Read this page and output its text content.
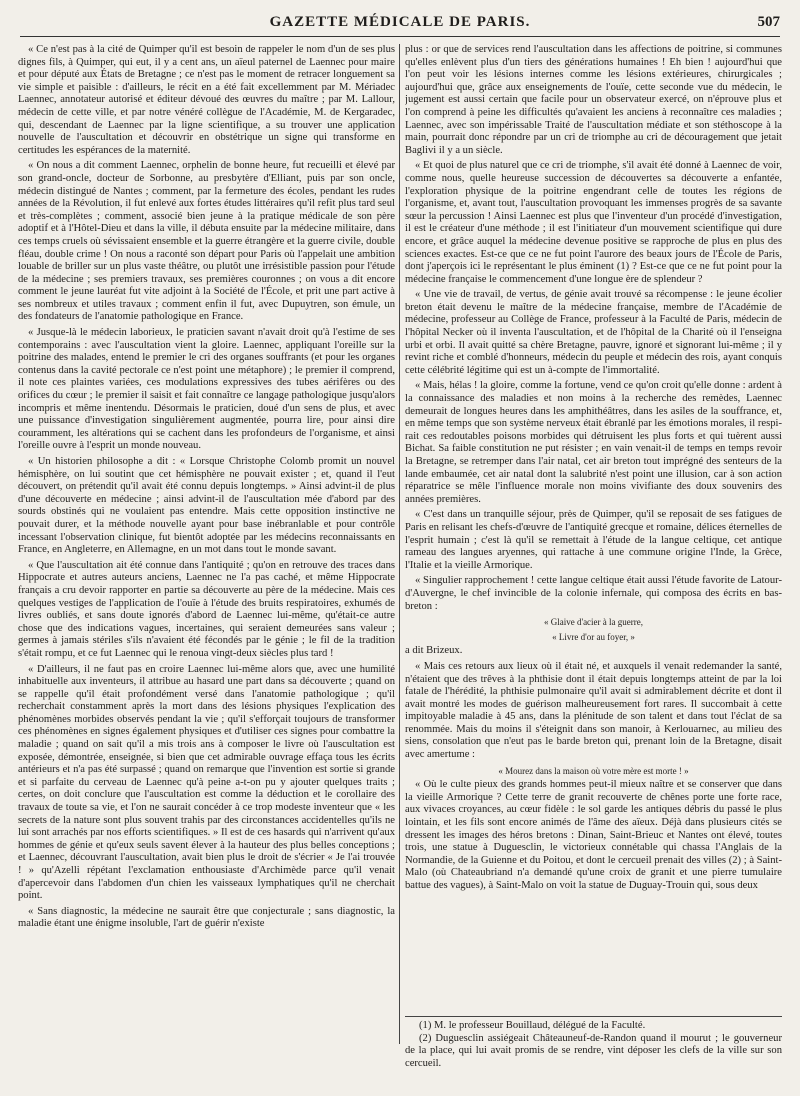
GAZETTE MÉDICALE DE PARIS.	507

« Ce n'est pas à la cité de Quimper qu'il est besoin de rappeler le nom d'un de ses plus dignes fils, à Quimper, qui eut, il y a cent ans, un aïeul paternel de Laennec pour maire et pour député aux États de Bretagne ; ce n'est pas le moment de retracer longuement sa vie simple et paisible : d'ailleurs, le récit en a été fait excellemment par M. Mériadec Laennec, annotateur autorisé et éditeur dévoué des œuvres du maître ; par M. Lallour, médecin de cette ville, et par notre vénéré collègue de l'Académie, M. de Kergaradec, qui, descendant de Laennec par la ligne scientifique, a su trouver une application nouvelle de l'auscultation et découvrir en obstétrique un signe qui transforme en certitudes les espérances de la maternité.

« On nous a dit comment Laennec, orphelin de bonne heure, fut recueilli et élevé par son grand-oncle, docteur de Sorbonne, au presbytère d'Elliant, puis par son oncle, médecin distingué de Nantes ; comment, par la fermeture des écoles, pendant les rudes années de la Révolution, il fut enlevé aux fortes études littéraires qu'il refit plus tard seul et très-complètes ; comment, associé bien jeune à la pratique médicale de son père adoptif et à l'Hôtel-Dieu et dans la ville, il débuta ensuite par la médecine militaire, dans ces temps cruels où sévissaient ensemble et la guerre étrangère et la guerre civile, double fléau, double crime ! On nous a raconté son départ pour Paris où l'appelait une ambition louable de briller sur un plus vaste théâtre, ou plutôt une irrésistible passion pour l'étude de la médecine ; ses premiers travaux, ses premières couronnes ; on vous a dit encore comment le jeune lauréat fut vite adjoint à la Société de l'École, et prit une part active à ses nombreux et utiles travaux ; comment enfin il fut, avec Dupuytren, son émule, un des fondateurs de l'anatomie pathologique en France.

« Jusque-là le médecin laborieux, le praticien savant n'avait droit qu'à l'estime de ses contemporains : avec l'auscultation vient la gloire. Laennec, appliquant l'oreille sur la poitrine des malades, entend le premier le cri des organes souffrants (et pour les organes contenus dans la cavité pectorale ce n'est point une métaphore) ; le premier il comprend, il note ces plaintes variées, ces modulations expressives des tubes aérifères ou des orifices du cœur ; le premier il saisit et fait connaître ce langage pathologique jusqu'alors incompris et même inentendu. Désormais le praticien, doué d'un sens de plus, et avec une puissance d'investigation singulièrement augmentée, pourra lire, pour ainsi dire couramment, les altérations qui se cachent dans les profondeurs de l'organisme, et ainsi l'oreille ouvre à l'esprit un monde nouveau.

« Un historien philosophe a dit : « Lorsque Christophe Colomb promit un nouvel hémisphère, on lui soutint que cet hémisphère ne pouvait exister ; et, quand il l'eut découvert, on prétendit qu'il avait été connu depuis longtemps. » Ainsi advint-il de plus d'une découverte en médecine ; ainsi advint-il de l'auscultation mée d'abord par des sourds obstinés qui ne voulaient pas entendre. Mais cette opposition instinctive ne pouvait durer, et la méthode nouvelle ayant pour base inébranlable et pour contrôle incessant l'observation clinique, fut bientôt adoptée par les médecins reconnaissants en France, en Angleterre, en Allemagne, en un mot dans tout le monde savant.

« Que l'auscultation ait été connue dans l'antiquité ; qu'on en retrouve des traces dans Hippocrate et autres auteurs anciens, Laennec ne l'a pas caché, et même Hippocrate français a cru devoir rapporter en partie sa découverte au père de la médecine. Mais ces quelques vestiges de l'application de l'ouïe à l'étude des bruits respiratoires, exhumés de livres oubliés, et sans doute ignorés d'abord de Laennec lui-même, qu'était-ce autre chose que des indications vagues, incertaines, qui seraient demeurées sans valeur ; germes à jamais stériles s'ils n'avaient été fécondés par le génie ; le fil de la tradition s'était rompu, et ce fut Laennec qui le renoua vingt-deux siècles plus tard !

« D'ailleurs, il ne faut pas en croire Laennec lui-même alors que, avec une humilité inhabituelle aux inventeurs, il attribue au hasard une part dans sa découverte ; quand on se rappelle qu'il était profondément versé dans l'anatomie pathologique ; qu'il recherchait constamment après la mort dans des lésions physiques l'explication des phénomènes morbides observés pendant la vie ; qu'il s'efforçait toujours de transformer ces phénomènes en signes également physiques et d'utiliser ces signes pour combattre la maladie ; quand on sait qu'il a mis trois ans à composer le livre où l'auscultation est exposée, démontrée, enseignée, si bien que cet admirable ouvrage effaça tous les écrits antérieurs et n'a pas été surpassé ; quand on remarque que l'invention est sortie si grande et si parfaite du cerveau de Laennec qu'à peine a-t-on pu y ajouter quelques traits ; certes, on doit conclure que l'auscultation est comme la déduction et le corollaire des travaux de toute sa vie, et l'on ne saurait concéder à ce trop modeste inventeur que « les secrets de la nature sont plus souvent trahis par des circonstances accidentelles qu'ils ne lui sont arrachés par nos efforts scientifiques. » Il est de ces hasards qui n'arrivent qu'aux hommes de génie et qu'eux seuls savent élever à la hauteur des plus belles conceptions ; et Laennec, découvrant l'auscultation, avait bien plus le droit de s'écrier « Je l'ai trouvée ! » qu'Azelli répétant l'exclamation enthousiaste d'Archimède parce qu'il venait d'apercevoir dans l'abdomen d'un chien les vaisseaux lymphatiques qu'il ne cherchait point.

« Sans diagnostic, la médecine ne saurait être que conjecturale ; sans diagnostic, la maladie étant une énigme insoluble, l'art de guérir n'existe

plus : or que de services rend l'auscultation dans les affections de poitrine, si communes qu'elles enlèvent plus d'un tiers des générations humaines ! Eh bien ! aujourd'hui que l'on peut voir les lésions internes comme les lésions extérieures, chirurgicales ; aujourd'hui que, grâce aux enseignements de l'ouïe, cette seconde vue du médecin, le jugement est aussi certain que facile pour un observateur exercé, on n'éprouve plus et l'on comprend à peine les difficultés qu'avaient les anciens à reconnaître ces maladies ; Laennec, avec son impérissable Traité de l'auscultation médiate et son stéthoscope à la main, pourrait donc répondre par un cri de triomphe au cri de découragement que jetait Baglivi il y a un siècle.

« Et quoi de plus naturel que ce cri de triomphe, s'il avait été donné à Laennec de voir, comme nous, quelle heureuse succession de découvertes sa découverte a enfantée, l'exploration physique de la poitrine engendrant celle de toutes les régions de l'organisme, et, avant tout, l'auscultation provoquant les immenses progrès de sa savante sœur la percussion ! Ainsi Laennec est plus que l'inventeur d'un procédé d'investigation, il est le créateur d'une méthode ; il est l'initiateur d'un mouvement scientifique qui dure encore, et grâce auquel la médecine devenue positive se rapproche de plus en plus des sciences exactes. Est-ce que ce ne fut point l'aurore des beaux jours de l'École de Paris, dont j'aperçois ici le représentant le plus éminent (1) ? Est-ce que ce ne fut point pour la médecine française le commencement d'une longue ère de splendeur ?

« Une vie de travail, de vertus, de génie avait trouvé sa récompense : le jeune écolier breton était devenu le maître de la médecine française, membre de l'Académie de médecine, professeur au Collège de France, professeur à la Faculté de Paris, médecin de l'hôpital Necker où il inventa l'auscultation, et de l'hôpital de la Charité où il l'enseigna urbi et orbi. Il avait quitté sa chère Bretagne, pauvre, ignoré et signorant lui-même ; il y revint riche et comblé d'honneurs, médecin du peuple et médecin des rois, ayant conquis cette célébrité légitime qui est un à-compte de l'immortalité.

« Mais, hélas ! la gloire, comme la fortune, vend ce qu'on croit qu'elle donne : ardent à la connaissance des maladies et non moins à la recherche des remèdes, Laennec demeurait de longues heures dans les amphithéâtres, dans les asiles de la souffrance, et, en même temps que son système nerveux était ébranlé par les émotions morales, il respirait ces redoutables poisons morbides qui détruisent les plus forts et qui tuèrent aussi Bichat. Sa faible constitution ne put résister ; en vain venait-il de temps en temps revoir la Bretagne, se retremper dans l'air natal, cet air breton tout imprégné des senteurs de la lande embaumée, cet air natal dont la salubrité n'est point une illusion, car à son action réparatrice se mêle l'influence morale non moins vivifiante des doux souvenirs des années premières.

« C'est dans un tranquille séjour, près de Quimper, qu'il se reposait de ses fatigues de Paris en relisant les chefs-d'œuvre de l'antiquité grecque et romaine, délices éternelles de l'esprit humain ; c'est là qu'il se remettait à l'étude de la langue celtique, cet antique rameau des langues aryennes, qui rattache à une commune origine l'Inde, la Grèce, l'Italie et la vieille Armorique.

« Singulier rapprochement ! cette langue celtique était aussi l'étude favorite de Latour-d'Auvergne, le chef invincible de la colonie infernale, qui composa des écrits en bas-breton :

« Glaive d'acier à la guerre,

« Livre d'or au foyer, »

a dit Brizeux.

« Mais ces retours aux lieux où il était né, et auxquels il venait redemander la santé, n'étaient que des trêves à la phthisie dont il était depuis longtemps atteint de par la loi fatale de l'hérédité, la phthisie pulmonaire qu'il avait si admirablement décrite et dont il avait montré les modes de guérison malheureusement fort rares. Il succombait à cette impitoyable maladie à 45 ans, dans la plénitude de son talent et dans tout l'éclat de sa renommée. Mais du moins il s'éteignit dans son manoir, à Kerlouarnec, au milieu des siens, consolation que n'eut pas le barde breton qui, prenant loin de la Bretagne, disait avec amertume :

« Mourez dans la maison où votre mère est morte ! »

« Où le culte pieux des grands hommes peut-il mieux naître et se conserver que dans la vieille Armorique ? Cette terre de granit recouverte de chênes porte une forte race, aux vivaces croyances, au cœur fidèle : le sol garde les antiques débris du passé le plus lointain, et les fils sont encore animés de l'âme des aïeux. Déjà dans plusieurs cités se dressent les images des héros bretons : Dinan, Saint-Brieuc et Nantes ont élevé, toutes trois, une statue à Duguesclin, le victorieux connétable qui chassa l'Anglais de la Normandie, de la Guienne et du Poitou, et dont le cercueil prenait des villes (2) ; à Saint-Malo (où Chateaubriand n'a demandé qu'une croix de granit et une pierre tumulaire battue des vagues), à Saint-Malo on voit la statue de Duguay-Trouin qui, sous deux

(1) M. le professeur Bouillaud, délégué de la Faculté.

(2) Duguesclin assiégeait Châteauneuf-de-Randon quand il mourut ; le gouverneur de la place, qui lui avait promis de se rendre, vint déposer les clefs de la ville sur son cercueil.
